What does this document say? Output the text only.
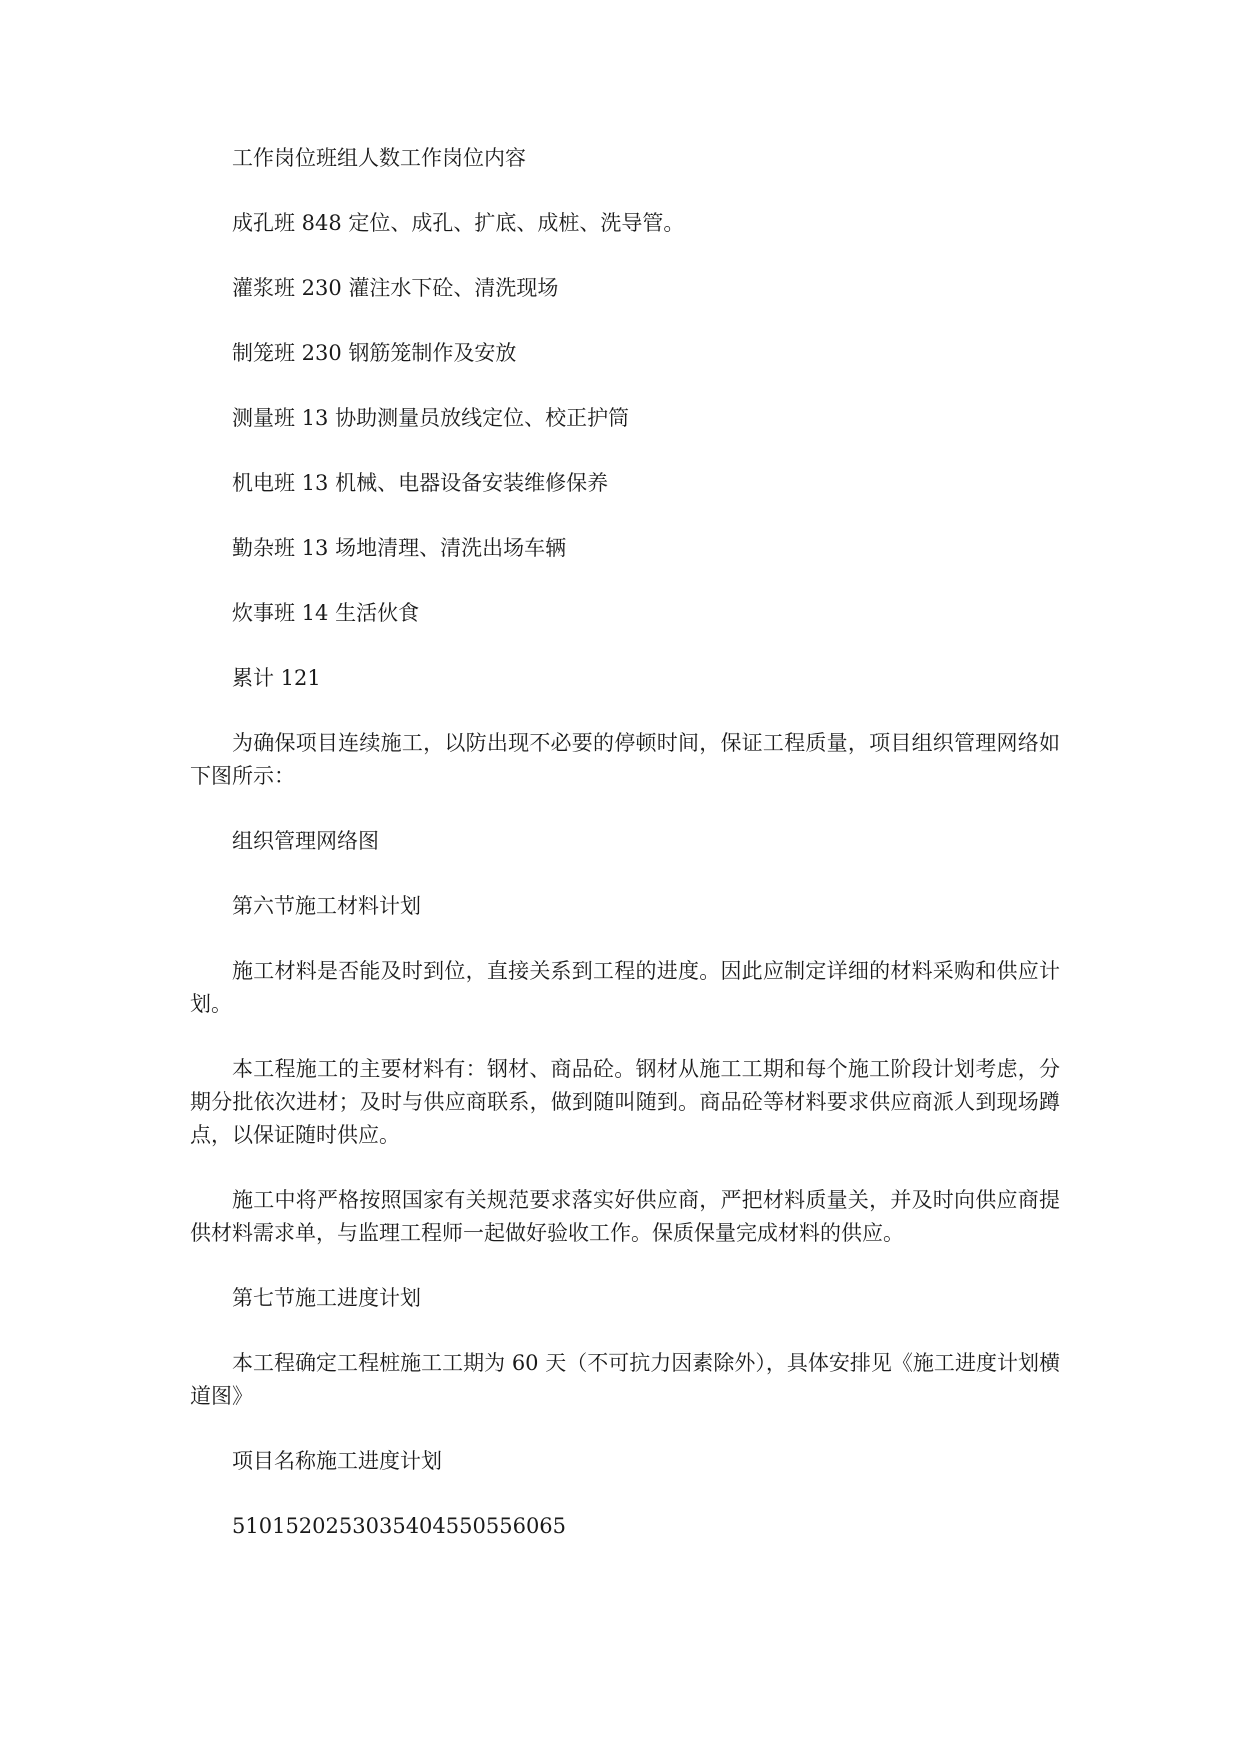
工作岗位班组人数工作岗位内容

成孔班 848 定位、成孔、扩底、成桩、洗导管。

灌浆班 230 灌注水下砼、清洗现场

制笼班 230 钢筋笼制作及安放

测量班 13 协助测量员放线定位、校正护筒

机电班 13 机械、电器设备安装维修保养

勤杂班 13 场地清理、清洗出场车辆

炊事班 14 生活伙食

累计 121

为确保项目连续施工，以防出现不必要的停顿时间，保证工程质量，项目组织管理网络如下图所示：

组织管理网络图

第六节施工材料计划

施工材料是否能及时到位，直接关系到工程的进度。因此应制定详细的材料采购和供应计划。

本工程施工的主要材料有：钢材、商品砼。钢材从施工工期和每个施工阶段计划考虑，分期分批依次进材；及时与供应商联系，做到随叫随到。商品砼等材料要求供应商派人到现场蹲点，以保证随时供应。

施工中将严格按照国家有关规范要求落实好供应商，严把材料质量关，并及时向供应商提供材料需求单，与监理工程师一起做好验收工作。保质保量完成材料的供应。

第七节施工进度计划

本工程确定工程桩施工工期为 60 天（不可抗力因素除外），具体安排见《施工进度计划横道图》

项目名称施工进度计划

5101520253035404550556065
